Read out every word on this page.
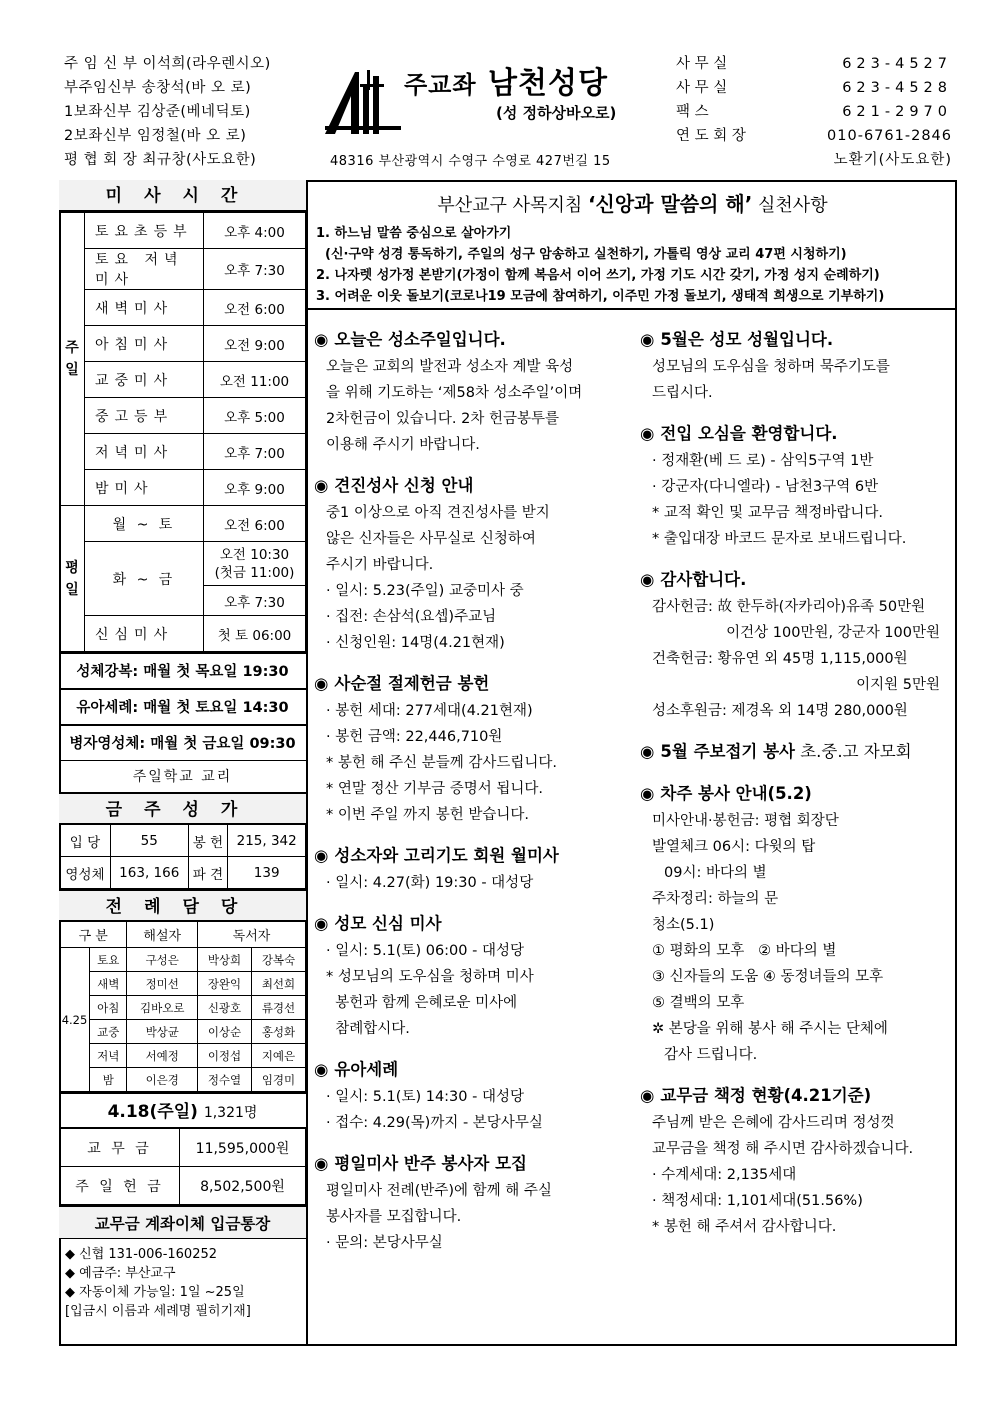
주 임 신 부 이석희(라우렌시오)
부주임신부 송창석(바 오 로)
1보좌신부 김상준(베네딕토)
2보좌신부 임정철(바 오 로)
평 협 회 장 최규창(사도요한)
주교좌 남천성당
(성 정하상바오로)
48316 부산광역시 수영구 수영로 427번길 15
사 무 실	623-4527
사 무 실	623-4528
팩 스	621-2970
연 도 회 장	010-6761-2846
노환기(사도요한)
미사시간
주
일	토요초등부	오후 4:00
	토요 저녁미사	오후 7:30
	새벽미사	오전 6:00
	아침미사	오전 9:00
	교중미사	오전 11:00
	중고등부	오후 5:00
	저녁미사	오후 7:00
	밤미사	오후 9:00

평
일	월 ~ 토	오전 6:00
	화 ~ 금	오전 10:30
(첫금 11:00)

		오후 7:30
	신심미사	첫 토 06:00
성체강복: 매월 첫 목요일 19:30
유아세례: 매월 첫 토요일 14:30
병자영성체: 매월 첫 금요일 09:30
주일학교 교리
금주성가
입 당	55	봉 헌	215, 342
영성체	163, 166	파 견	139
전례담당
구 분		해설자	독서자	
4.25	토요	구성은	박상희	강복숙
	새벽	정미선	장완익	최선희
	아침	김바오로	신광호	류경선
	교중	박상균	이상순	홍성화
	저녁	서예정	이정섭	지예은
	밤	이은경	정수열	임경미
4.18(주일) 1,321명
교 무 금	11,595,000원
주 일 헌 금	8,502,500원
교무금 계좌이체 입금통장
◆ 신협 131-006-160252
◆ 예금주: 부산교구
◆ 자동이체 가능일: 1일 ~25일
[입금시 이름과 세례명 필히기재]
부산교구 사목지침 ‘신앙과 말씀의 해’ 실천사항
1. 하느님 말씀 중심으로 살아가기
(신·구약 성경 통독하기, 주일의 성구 암송하고 실천하기, 가톨릭 영상 교리 47편 시청하기)
2. 나자렛 성가정 본받기(가정이 함께 복음서 이어 쓰기, 가정 기도 시간 갖기, 가정 성지 순례하기)
3. 어려운 이웃 돌보기(코로나19 모금에 참여하기, 이주민 가정 돌보기, 생태적 희생으로 기부하기)
◉ 오늘은 성소주일입니다.
오늘은 교회의 발전과 성소자 계발 육성
을 위해 기도하는 ‘제58차 성소주일’이며
2차헌금이 있습니다. 2차 헌금봉투를
이용해 주시기 바랍니다.
◉ 견진성사 신청 안내
중1 이상으로 아직 견진성사를 받지
않은 신자들은 사무실로 신청하여
주시기 바랍니다.
· 일시: 5.23(주일) 교중미사 중
· 집전: 손삼석(요셉)주교님
· 신청인원: 14명(4.21현재)
◉ 사순절 절제헌금 봉헌
· 봉헌 세대: 277세대(4.21현재)
· 봉헌 금액: 22,446,710원
* 봉헌 해 주신 분들께 감사드립니다.
* 연말 정산 기부금 증명서 됩니다.
* 이번 주일 까지 봉헌 받습니다.
◉ 성소자와 고리기도 회원 월미사
· 일시: 4.27(화) 19:30 - 대성당
◉ 성모 신심 미사
· 일시: 5.1(토) 06:00 - 대성당
* 성모님의 도우심을 청하며 미사
봉헌과 함께 은혜로운 미사에
참례합시다.
◉ 유아세례
· 일시: 5.1(토) 14:30 - 대성당
· 접수: 4.29(목)까지 - 본당사무실
◉ 평일미사 반주 봉사자 모집
평일미사 전례(반주)에 함께 해 주실
봉사자를 모집합니다.
· 문의: 본당사무실
◉ 5월은 성모 성월입니다.
성모님의 도우심을 청하며 묵주기도를
드립시다.
◉ 전입 오심을 환영합니다.
· 정재환(베 드 로) - 삼익5구역 1반
· 강군자(다니엘라) - 남천3구역 6반
* 교적 확인 및 교무금 책정바랍니다.
* 출입대장 바코드 문자로 보내드립니다.
◉ 감사합니다.
감사헌금: 故 한두하(자카리아)유족 50만원
이건상 100만원, 강군자 100만원
건축헌금: 황유연 외 45명 1,115,000원
이지원 5만원
성소후원금: 제경옥 외 14명 280,000원
◉ 5월 주보접기 봉사 초.중.고 자모회
◉ 차주 봉사 안내(5.2)
미사안내·봉헌금: 평협 회장단
발열체크 06시: 다윗의 탑
09시: 바다의 별
주차정리: 하늘의 문
청소(5.1)
① 평화의 모후   ② 바다의 별
③ 신자들의 도움 ④ 동정녀들의 모후
⑤ 결백의 모후
✲ 본당을 위해 봉사 해 주시는 단체에
감사 드립니다.
◉ 교무금 책정 현황(4.21기준)
주님께 받은 은혜에 감사드리며 정성껏
교무금을 책정 해 주시면 감사하겠습니다.
· 수계세대: 2,135세대
· 책정세대: 1,101세대(51.56%)
* 봉헌 해 주셔서 감사합니다.
